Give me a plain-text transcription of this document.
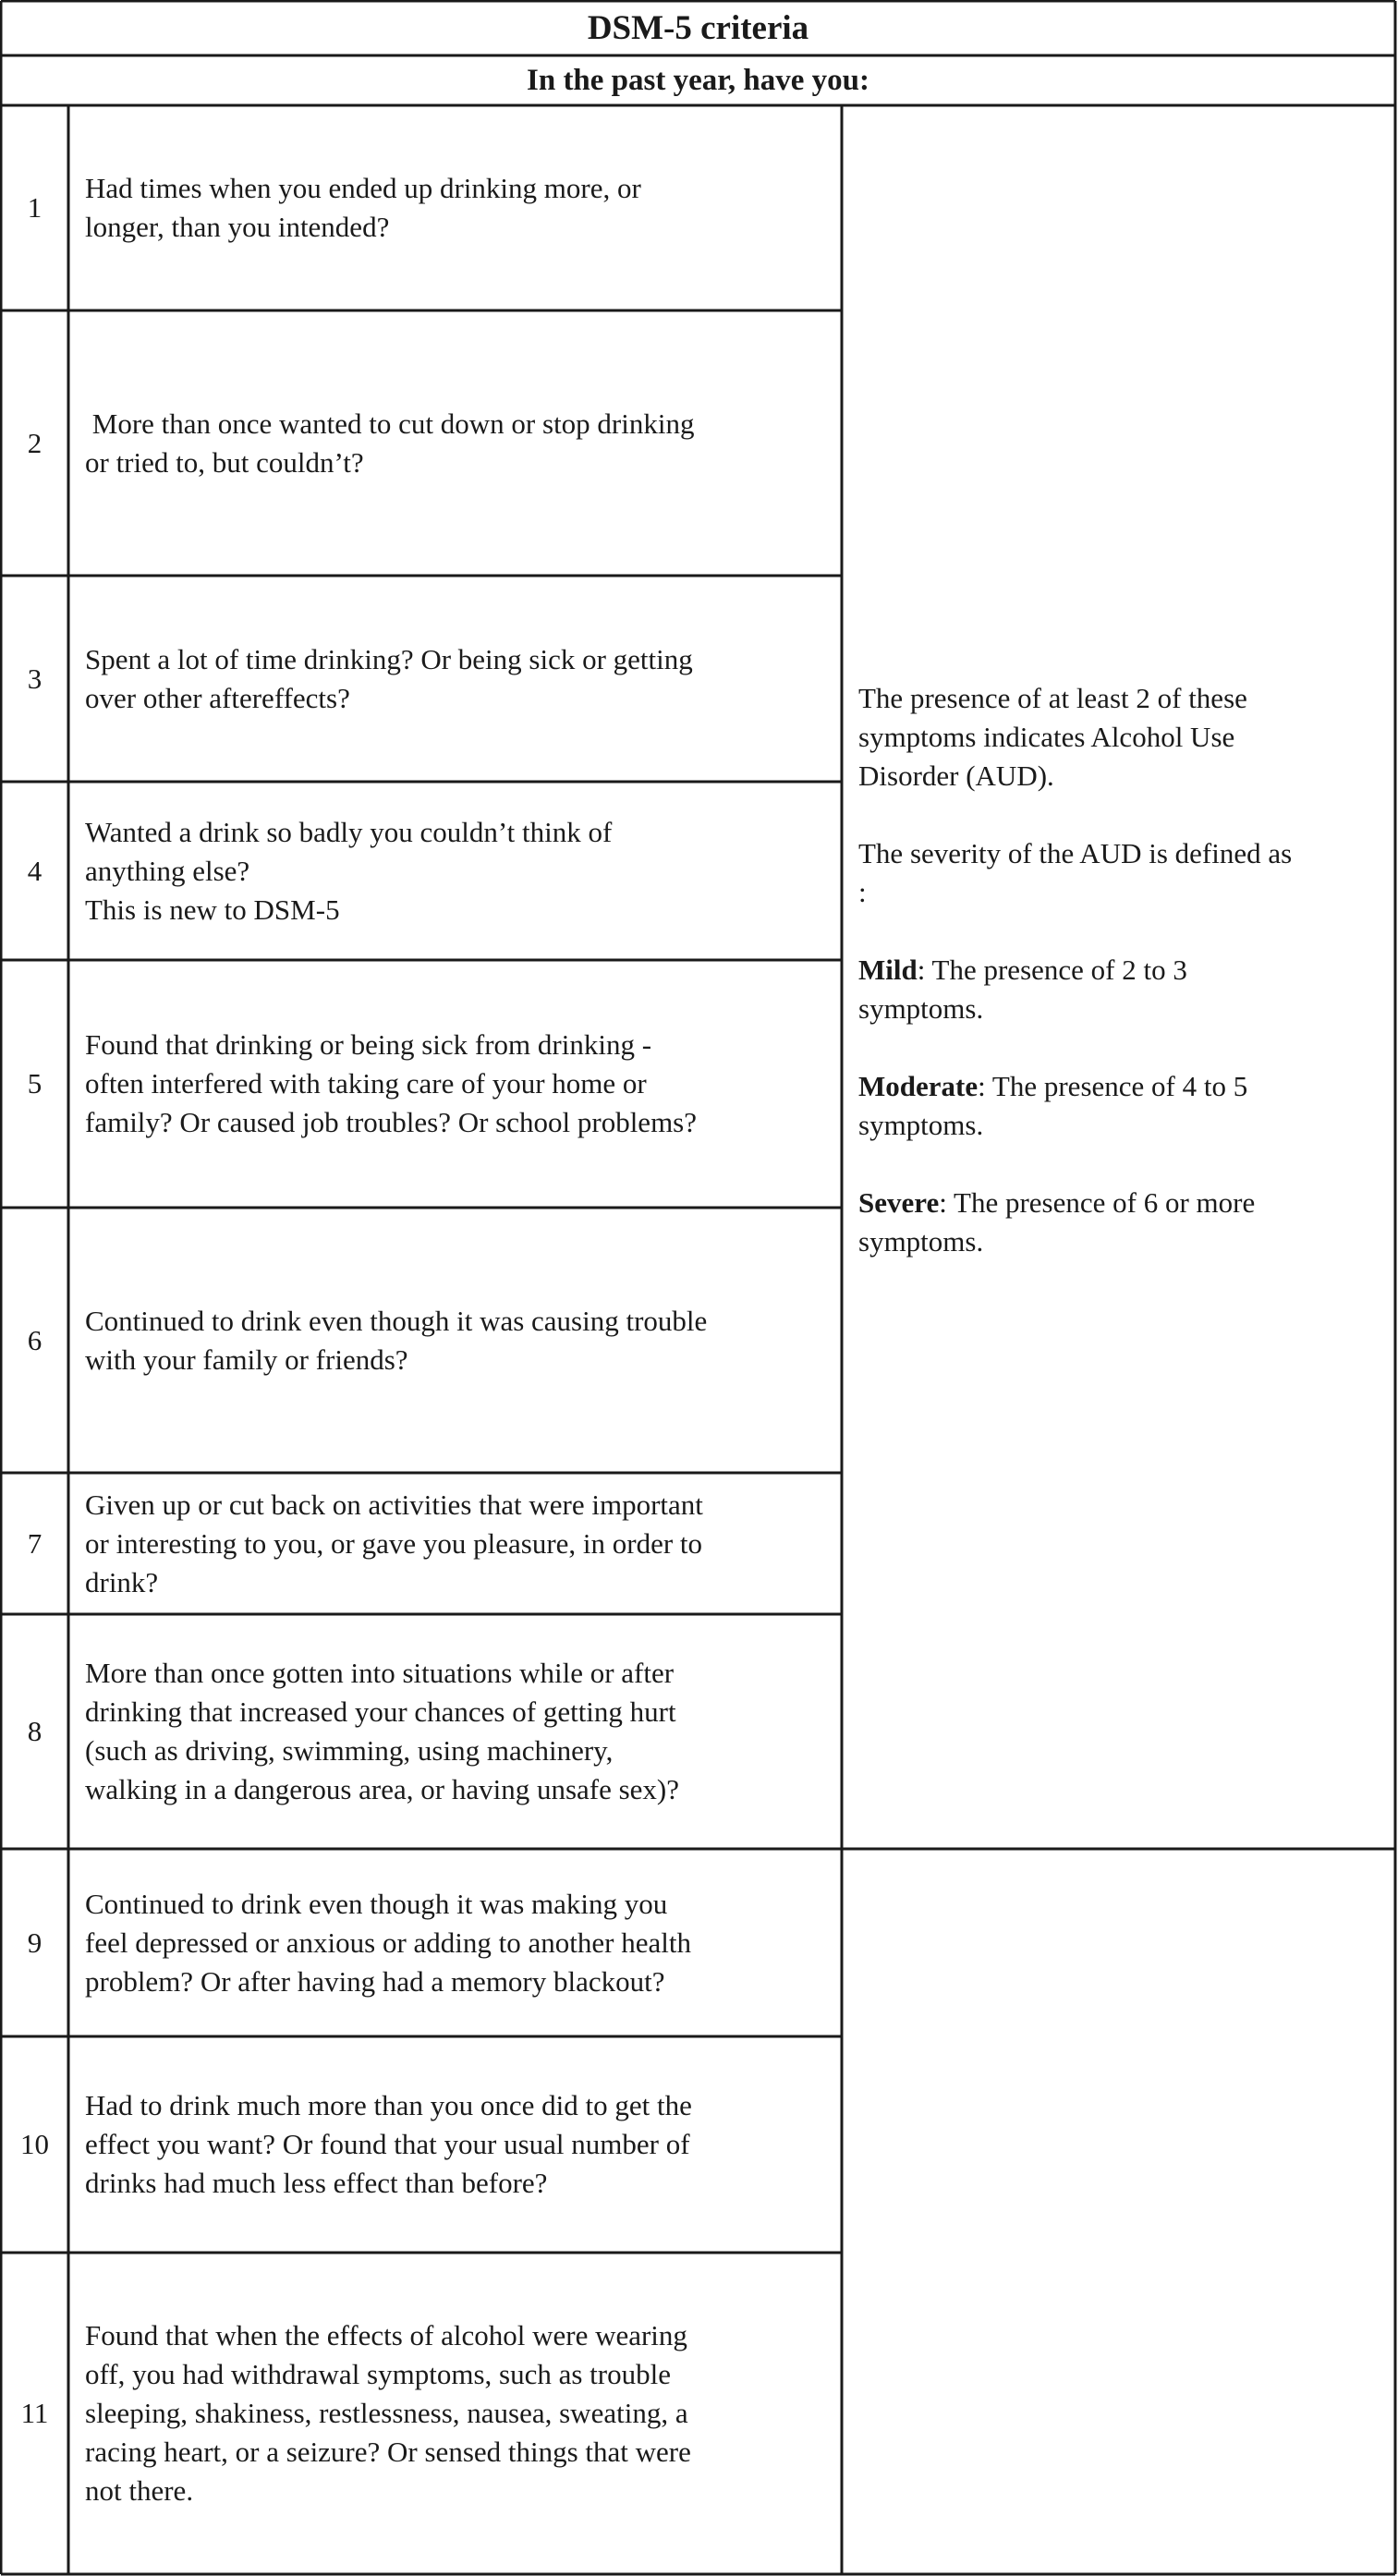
DSM-5 criteria
In the past year, have you:
1
Had times when you ended up drinking more, or
longer, than you intended?
2
More than once wanted to cut down or stop drinking
or tried to, but couldn’t?
3
Spent a lot of time drinking? Or being sick or getting
over other aftereffects?
4
Wanted a drink so badly you couldn’t think of
anything else?
This is new to DSM-5
5
Found that drinking or being sick from drinking -
often interfered with taking care of your home or
family? Or caused job troubles? Or school problems?
6
Continued to drink even though it was causing trouble
with your family or friends?
7
Given up or cut back on activities that were important
or interesting to you, or gave you pleasure, in order to
drink?
8
More than once gotten into situations while or after
drinking that increased your chances of getting hurt
(such as driving, swimming, using machinery,
walking in a dangerous area, or having unsafe sex)?
9
Continued to drink even though it was making you
feel depressed or anxious or adding to another health
problem? Or after having had a memory blackout?
10
Had to drink much more than you once did to get the
effect you want? Or found that your usual number of
drinks had much less effect than before?
11
Found that when the effects of alcohol were wearing
off, you had withdrawal symptoms, such as trouble
sleeping, shakiness, restlessness, nausea, sweating, a
racing heart, or a seizure? Or sensed things that were
not there.

The presence of at least 2 of these
symptoms indicates Alcohol Use
Disorder (AUD).

The severity of the AUD is defined as
:

Mild: The presence of 2 to 3
symptoms.

Moderate: The presence of 4 to 5
symptoms.

Severe: The presence of 6 or more
symptoms.
